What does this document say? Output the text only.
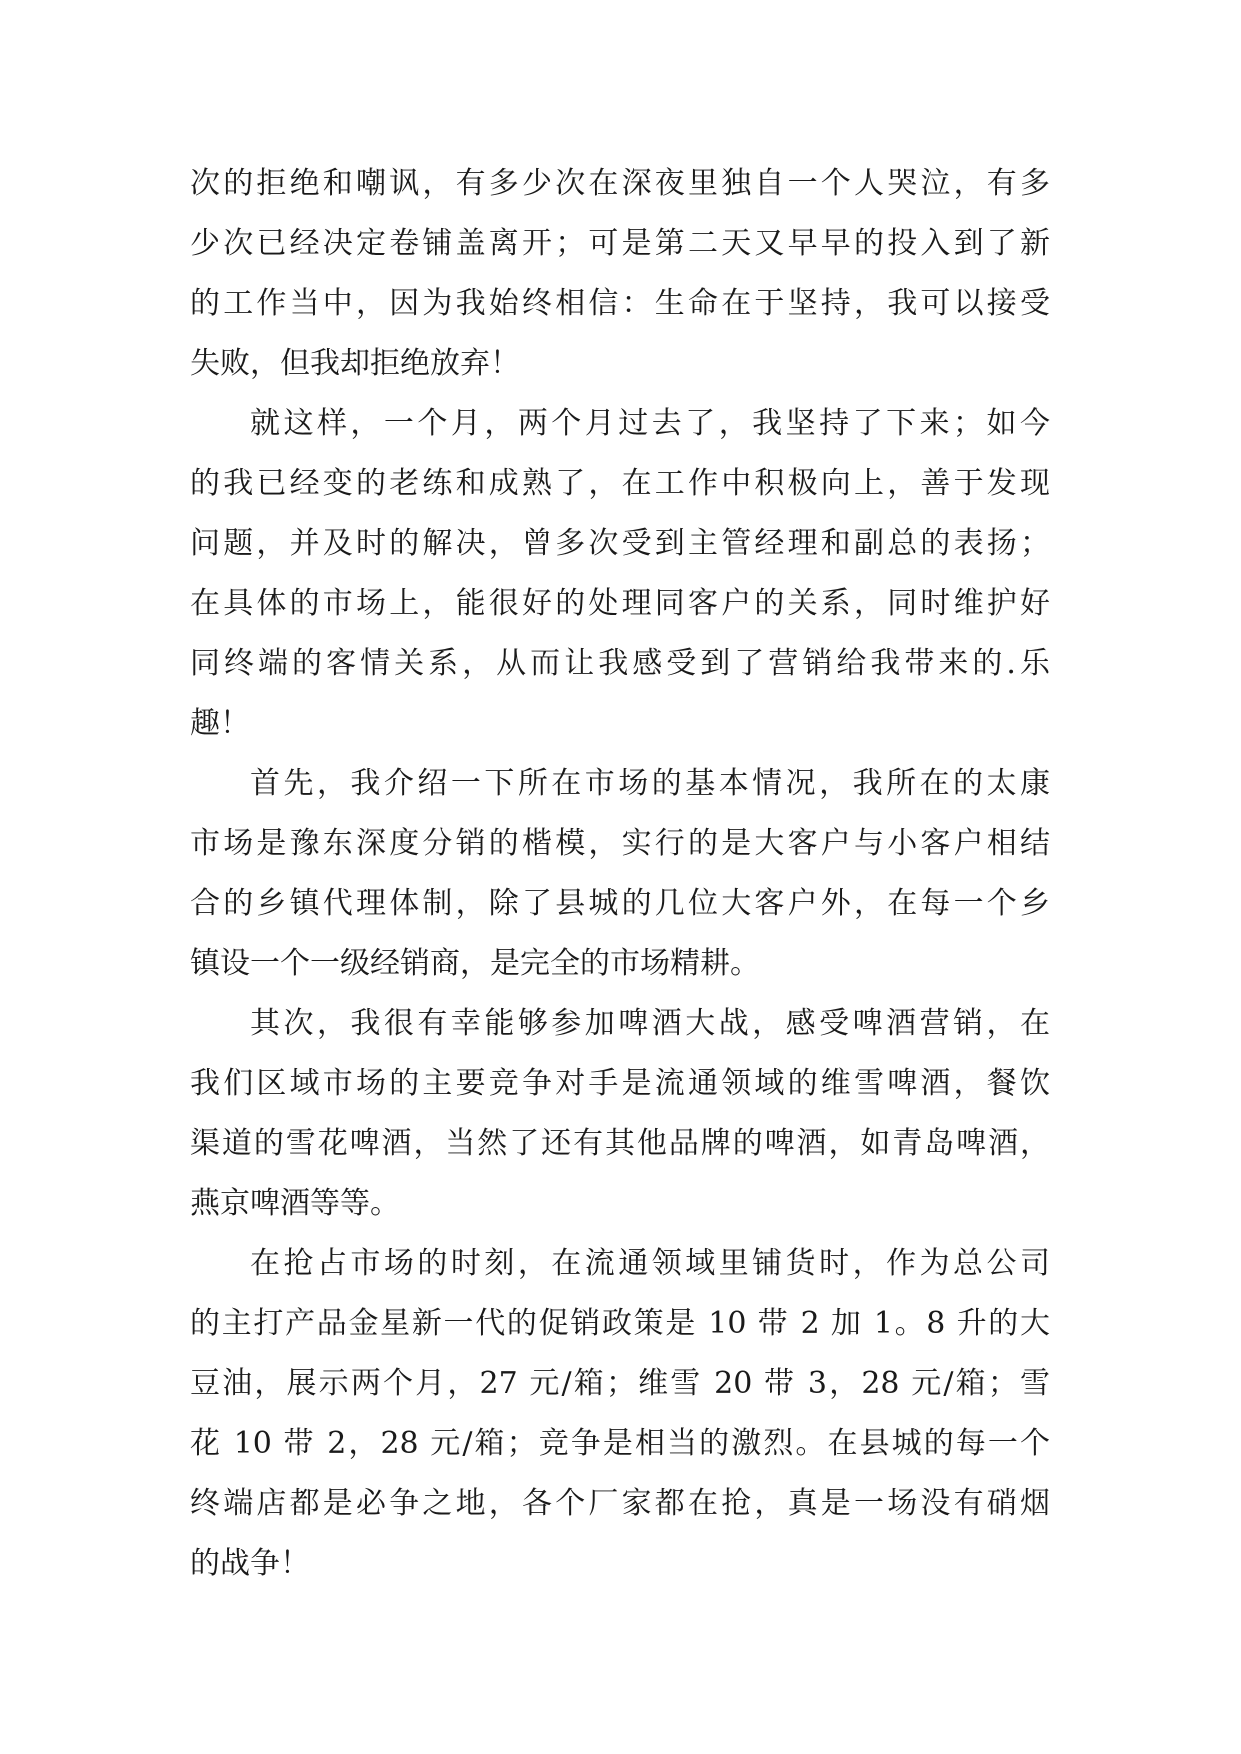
次的拒绝和嘲讽，有多少次在深夜里独自一个人哭泣，有多
少次已经决定卷铺盖离开；可是第二天又早早的投入到了新
的工作当中，因为我始终相信：生命在于坚持，我可以接受
失败，但我却拒绝放弃！
就这样，一个月，两个月过去了，我坚持了下来；如今
的我已经变的老练和成熟了，在工作中积极向上，善于发现
问题，并及时的解决，曾多次受到主管经理和副总的表扬；
在具体的市场上，能很好的处理同客户的关系，同时维护好
同终端的客情关系，从而让我感受到了营销给我带来的.乐
趣！
首先，我介绍一下所在市场的基本情况，我所在的太康
市场是豫东深度分销的楷模，实行的是大客户与小客户相结
合的乡镇代理体制，除了县城的几位大客户外，在每一个乡
镇设一个一级经销商，是完全的市场精耕。
其次，我很有幸能够参加啤酒大战，感受啤酒营销，在
我们区域市场的主要竞争对手是流通领域的维雪啤酒，餐饮
渠道的雪花啤酒，当然了还有其他品牌的啤酒，如青岛啤酒，
燕京啤酒等等。
在抢占市场的时刻，在流通领域里铺货时，作为总公司
的主打产品金星新一代的促销政策是 10 带 2 加 1。8 升的大
豆油，展示两个月，27 元/箱；维雪 20 带 3，28 元/箱；雪
花 10 带 2，28 元/箱；竞争是相当的激烈。在县城的每一个
终端店都是必争之地，各个厂家都在抢，真是一场没有硝烟
的战争！
